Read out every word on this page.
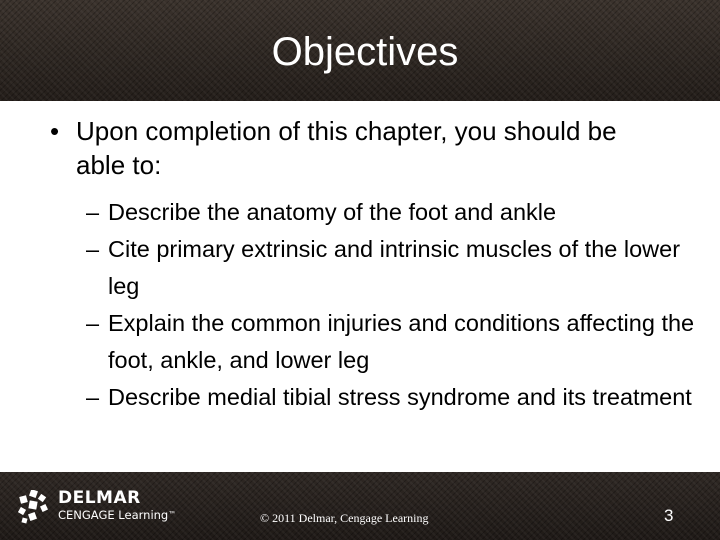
Objectives
• Upon completion of this chapter, you should be able to:
– Describe the anatomy of the foot and ankle
– Cite primary extrinsic and intrinsic muscles of the lower leg
– Explain the common injuries and conditions affecting the foot, ankle, and lower leg
– Describe medial tibial stress syndrome and its treatment
DELMAR
CENGAGE Learning™	© 2011 Delmar, Cengage Learning	3
